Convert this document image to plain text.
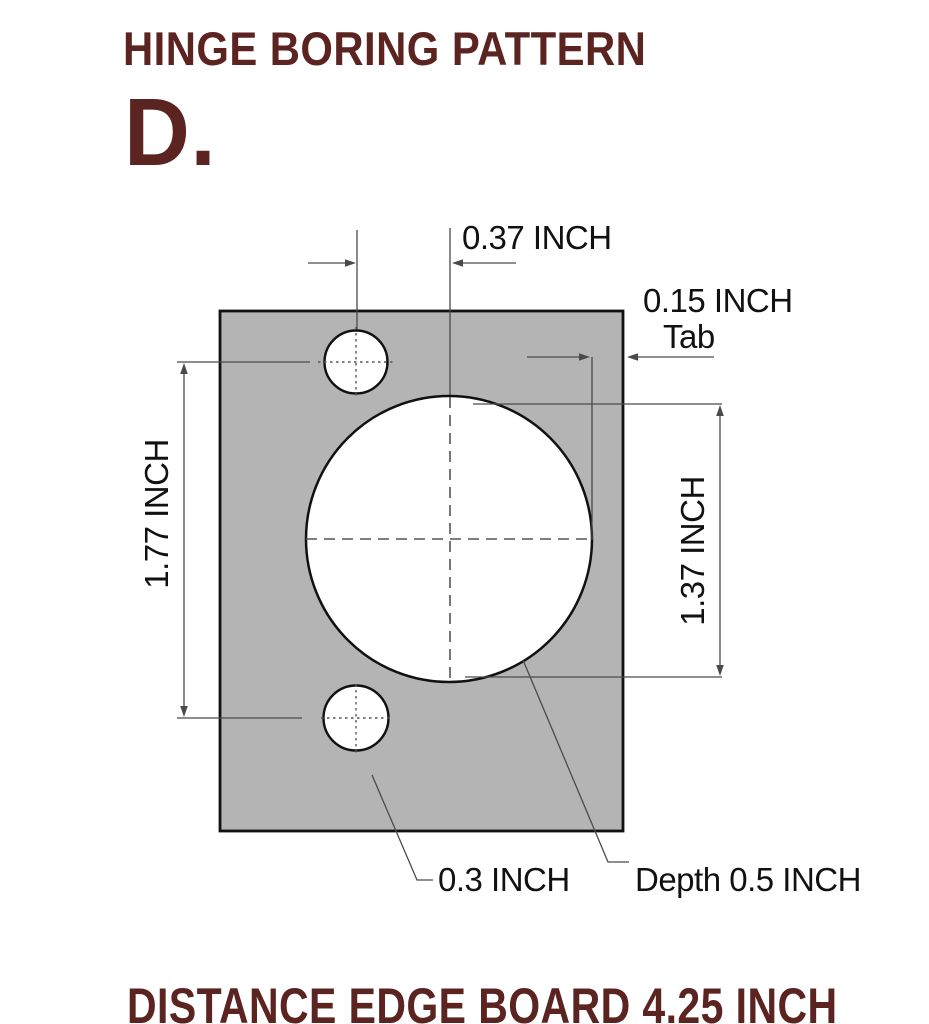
HINGE BORING PATTERN
D.
0.37 INCH
0.15 INCH
Tab
1.77 INCH	1.37 INCH
0.3 INCH Depth 0.5 INCH
DISTANCE EDGE BOARD 4.25 INCH
